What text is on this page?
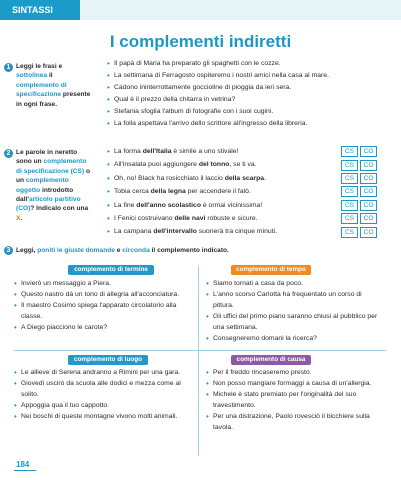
SINTASSI
I complementi indiretti
1 Leggi le frasi e sottolinea il complemento di specificazione presente in ogni frase.
• Il papà di Maria ha preparato gli spaghetti con le cozze.
• La settimana di Ferragosto ospiteremo i nostri amici nella casa al mare.
• Cadono ininterrottamente goccioline di pioggia da ieri sera.
• Qual è il prezzo della chitarra in vetrina?
• Stefania sfoglia l'album di fotografie con i suoi cugini.
• La folla aspettava l'arrivo dello scrittore all'ingresso della libreria.
2 Le parole in neretto sono un complemento di specificazione (CS) o un complemento oggetto introdotto dall'articolo partitivo (CO)? Indicalo con una X.
• La forma dell'Italia è simile a uno stivale!	CS	CO
• All'insalata puoi aggiungere del tonno, se ti va.	CS	CO
• Oh, no! Black ha rosicchiato il laccio della scarpa.	CS	CO
• Tobia cerca della legna per accendere il falò.	CS	CO
• La fine dell'anno scolastico è ormai vicinissima!	CS	CO
• I Fenici costruivano delle navi robuste e sicure.	CS	CO
• La campana dell'intervallo suonerà tra cinque minuti.	CS	CO
3 Leggi, poniti le giuste domande e circonda il complemento indicato.
complemento di termine
• Invierò un messaggio a Piera.
• Questo nastro dà un tono di allegria all'acconciatura.
• Il maestro Cosimo spiega l'apparato circolatorio alla classe.
• A Diego piacciono le carote?
complemento di tempo
• Siamo tornati a casa da poco.
• L'anno scorso Carlotta ha frequentato un corso di pittura.
• Gli uffici del primo piano saranno chiusi al pubblico per una settimana.
• Consegneremo domani la ricerca?
complemento di luogo
• Le allieve di Serena andranno a Rimini per una gara.
• Giovedì uscirò da scuola alle dodici e mezza come al solito.
• Appoggia qua il tuo cappotto.
• Nei boschi di queste montagne vivono molti animali.
complemento di causa
• Per il freddo rincaseremo presto.
• Non posso mangiare formaggi a causa di un'allergia.
• Michele è stato premiato per l'originalità del suo travestimento.
• Per una distrazione, Paolo rovesciò il bicchiere sulla tavola.
184
